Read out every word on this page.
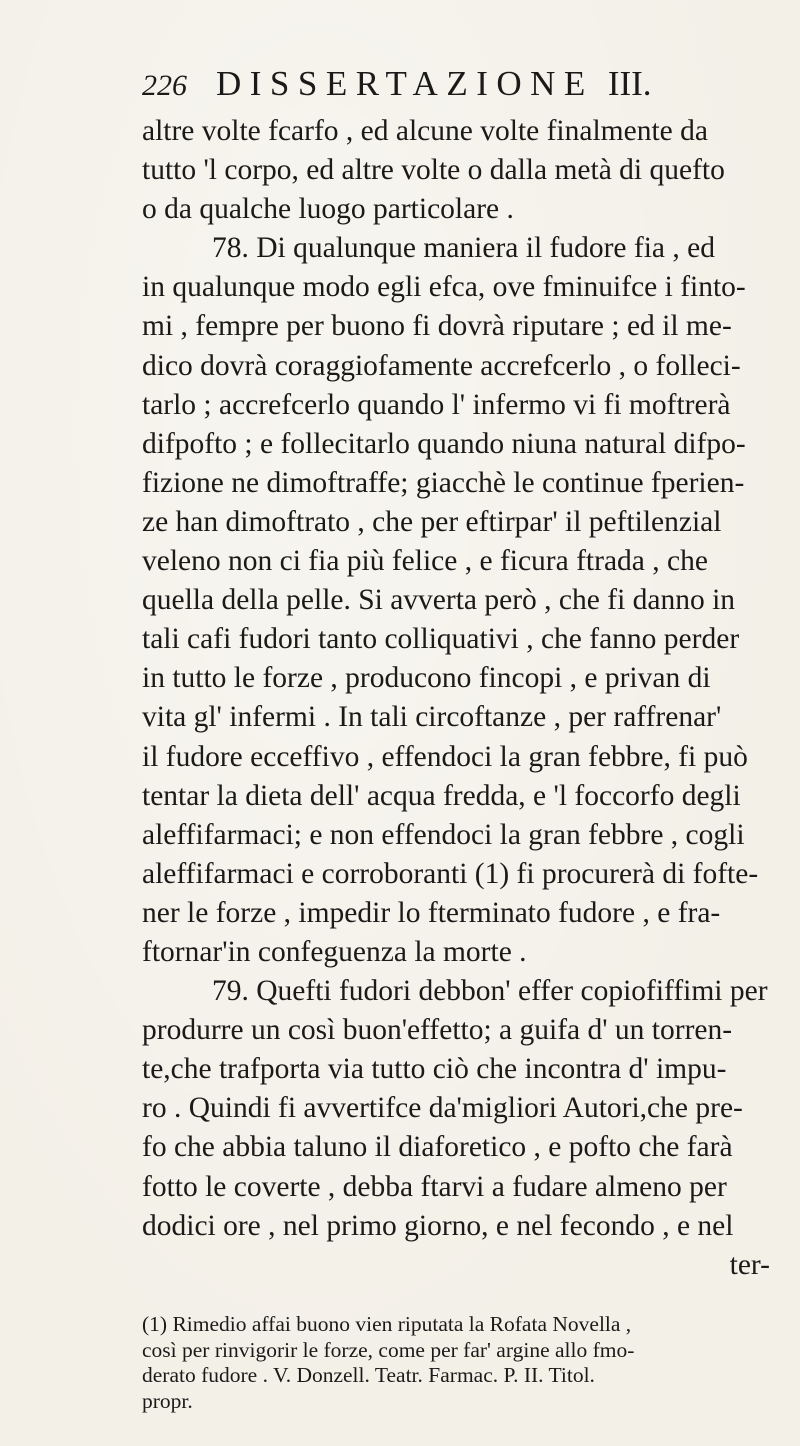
226 DISSERTAZIONE III.
altre volte fcarfo , ed alcune volte finalmente da
tutto 'l corpo, ed altre volte o dalla metà di quefto
o da qualche luogo particolare .
78. Di qualunque maniera il fudore fia , ed
in qualunque modo egli efca, ove fminuifce i finto-
mi , fempre per buono fi dovrà riputare ; ed il me-
dico dovrà coraggiofamente accrefcerlo , o folleci-
tarlo ; accrefcerlo quando l' infermo vi fi moftrerà
difpofto ; e follecitarlo quando niuna natural difpo-
fizione ne dimoftraffe; giacchè le continue fperien-
ze han dimoftrato , che per eftirpar' il peftilenzial
veleno non ci fia più felice , e ficura ftrada , che
quella della pelle. Si avverta però , che fi danno in
tali cafi fudori tanto colliquativi , che fanno perder
in tutto le forze , producono fincopi , e privan di
vita gl' infermi . In tali circoftanze , per raffrenar'
il fudore ecceffivo , effendoci la gran febbre, fi può
tentar la dieta dell' acqua fredda, e 'l foccorfo degli
aleffifarmaci; e non effendoci la gran febbre , cogli
aleffifarmaci e corroboranti (1) fi procurerà di fofte-
ner le forze , impedir lo fterminato fudore , e fra-
ftornar'in confeguenza la morte .
79. Quefti fudori debbon' effer copiofiffimi per
produrre un così buon'effetto; a guifa d' un torren-
te,che trafporta via tutto ciò che incontra d' impu-
ro . Quindi fi avvertifce da'migliori Autori,che pre-
fo che abbia taluno il diaforetico , e pofto che farà
fotto le coverte , debba ftarvi a fudare almeno per
dodici ore , nel primo giorno, e nel fecondo , e nel
ter-
(1) Rimedio affai buono vien riputata la Rofata Novella ,
così per rinvigorir le forze, come per far' argine allo fmo-
derato fudore . V. Donzell. Teatr. Farmac. P. II. Titol.
propr.
